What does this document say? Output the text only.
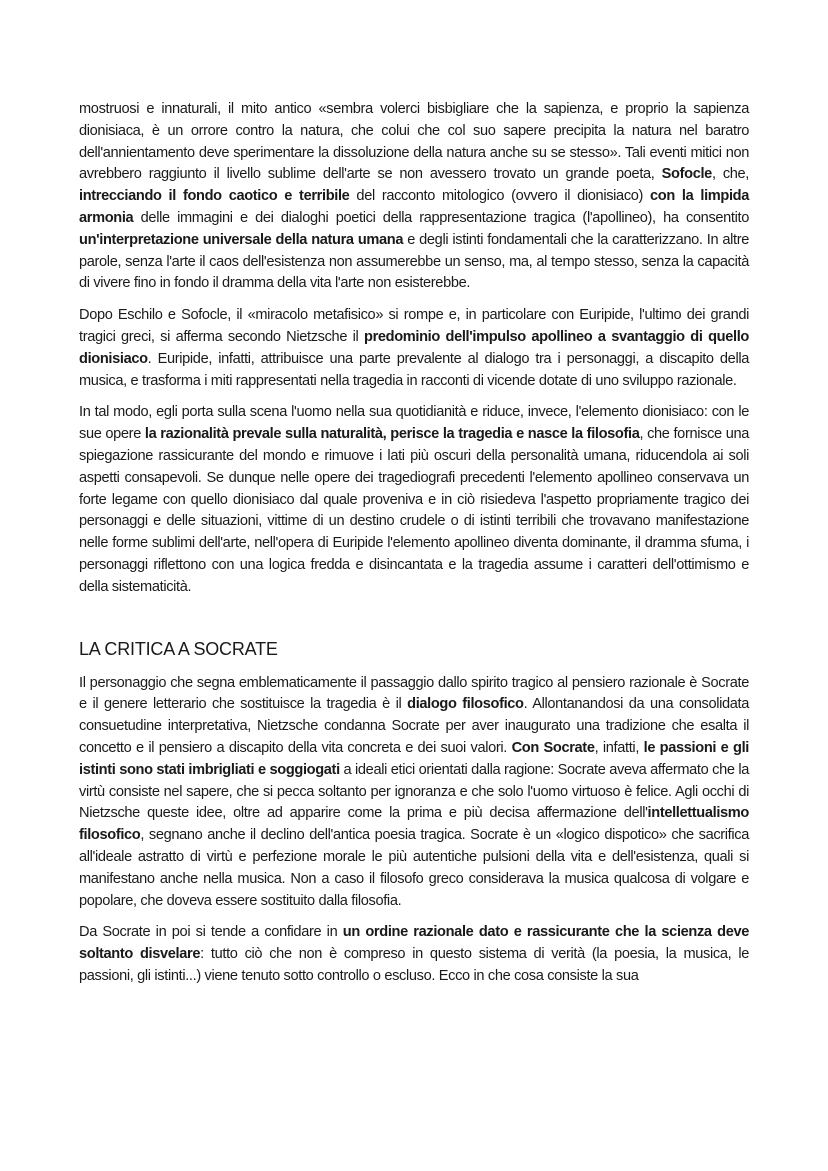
mostruosi e innaturali, il mito antico «sembra volerci bisbigliare che la sapienza, e proprio la sapienza dionisiaca, è un orrore contro la natura, che colui che col suo sapere precipita la natura nel baratro dell'annientamento deve sperimentare la dissoluzione della natura anche su se stesso». Tali eventi mitici non avrebbero raggiunto il livello sublime dell'arte se non avessero trovato un grande poeta, Sofocle, che, intrecciando il fondo caotico e terribile del racconto mitologico (ovvero il dionisiaco) con la limpida armonia delle immagini e dei dialoghi poetici della rappresentazione tragica (l'apollineo), ha consentito un'interpretazione universale della natura umana e degli istinti fondamentali che la caratterizzano. In altre parole, senza l'arte il caos dell'esistenza non assumerebbe un senso, ma, al tempo stesso, senza la capacità di vivere fino in fondo il dramma della vita l'arte non esisterebbe.

Dopo Eschilo e Sofocle, il «miracolo metafisico» si rompe e, in particolare con Euripide, l'ultimo dei grandi tragici greci, si afferma secondo Nietzsche il predominio dell'impulso apollineo a svantaggio di quello dionisiaco. Euripide, infatti, attribuisce una parte prevalente al dialogo tra i personaggi, a discapito della musica, e trasforma i miti rappresentati nella tragedia in racconti di vicende dotate di uno sviluppo razionale.

In tal modo, egli porta sulla scena l'uomo nella sua quotidianità e riduce, invece, l'elemento dionisiaco: con le sue opere la razionalità prevale sulla naturalità, perisce la tragedia e nasce la filosofia, che fornisce una spiegazione rassicurante del mondo e rimuove i lati più oscuri della personalità umana, riducendola ai soli aspetti consapevoli. Se dunque nelle opere dei tragediografi precedenti l'elemento apollineo conservava un forte legame con quello dionisiaco dal quale proveniva e in ciò risiedeva l'aspetto propriamente tragico dei personaggi e delle situazioni, vittime di un destino crudele o di istinti terribili che trovavano manifestazione nelle forme sublimi dell'arte, nell'opera di Euripide l'elemento apollineo diventa dominante, il dramma sfuma, i personaggi riflettono con una logica fredda e disincantata e la tragedia assume i caratteri dell'ottimismo e della sistematicità.

LA CRITICA A SOCRATE

Il personaggio che segna emblematicamente il passaggio dallo spirito tragico al pensiero razionale è Socrate e il genere letterario che sostituisce la tragedia è il dialogo filosofico. Allontanandosi da una consolidata consuetudine interpretativa, Nietzsche condanna Socrate per aver inaugurato una tradizione che esalta il concetto e il pensiero a discapito della vita concreta e dei suoi valori. Con Socrate, infatti, le passioni e gli istinti sono stati imbrigliati e soggiogati a ideali etici orientati dalla ragione: Socrate aveva affermato che la virtù consiste nel sapere, che si pecca soltanto per ignoranza e che solo l'uomo virtuoso è felice. Agli occhi di Nietzsche queste idee, oltre ad apparire come la prima e più decisa affermazione dell'intellettualismo filosofico, segnano anche il declino dell'antica poesia tragica. Socrate è un «logico dispotico» che sacrifica all'ideale astratto di virtù e perfezione morale le più autentiche pulsioni della vita e dell'esistenza, quali si manifestano anche nella musica. Non a caso il filosofo greco considerava la musica qualcosa di volgare e popolare, che doveva essere sostituito dalla filosofia.

Da Socrate in poi si tende a confidare in un ordine razionale dato e rassicurante che la scienza deve soltanto disvelare: tutto ciò che non è compreso in questo sistema di verità (la poesia, la musica, le passioni, gli istinti...) viene tenuto sotto controllo o escluso. Ecco in che cosa consiste la sua
